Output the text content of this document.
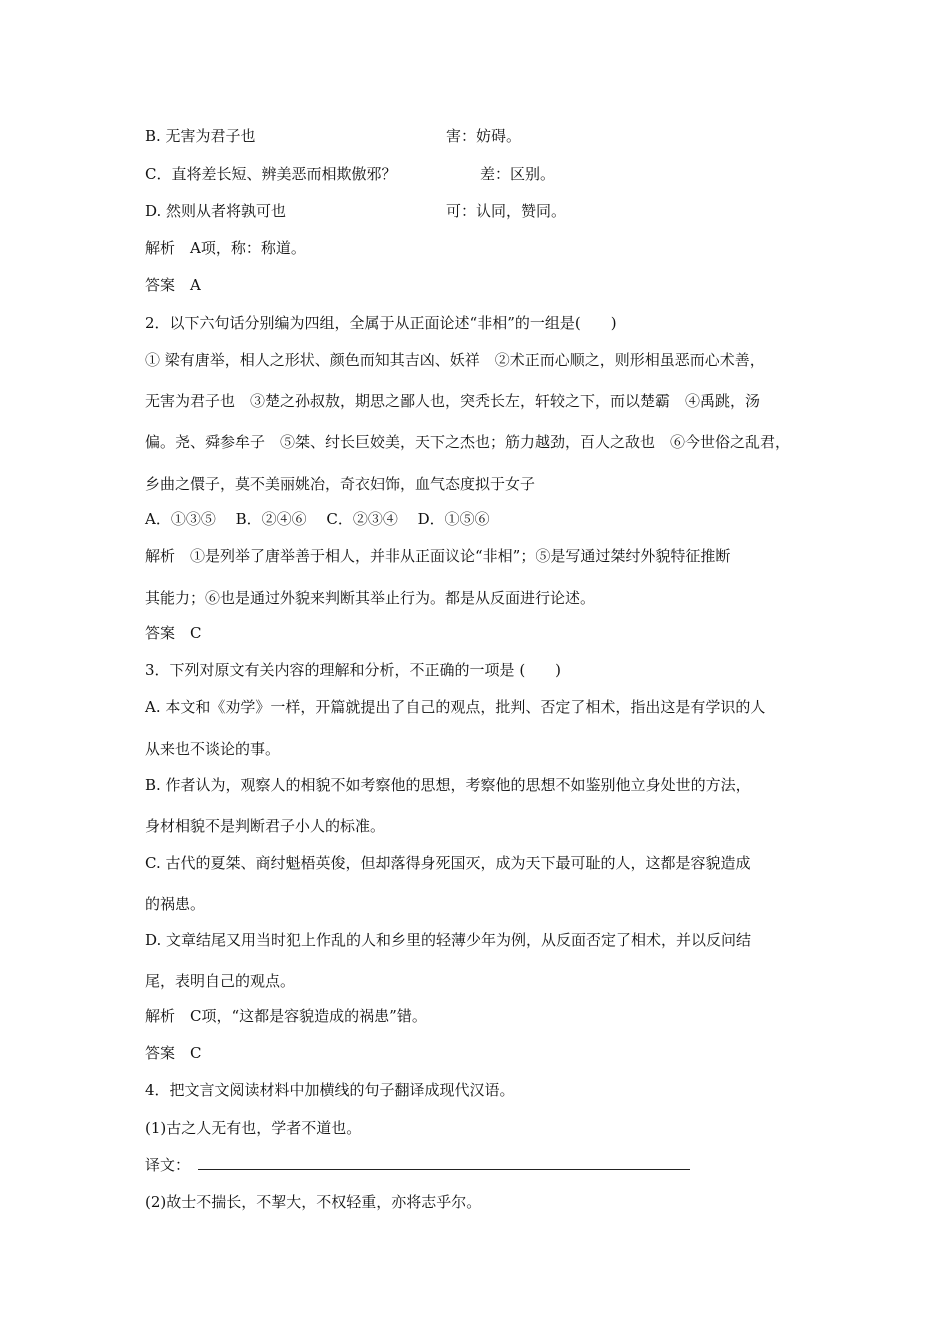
B. 无害为君子也	害：妨碍。
C．直将差长短、辨美恶而相欺傲邪？	差：区别。
D. 然则从者将孰可也	可：认同，赞同。
解析　A项，称：称道。
答案　A
2．以下六句话分别编为四组，全属于从正面论述“非相”的一组是(　　)
① 梁有唐举，相人之形状、颜色而知其吉凶、妖祥　②术正而心顺之，则形相虽恶而心术善，
无害为君子也　③楚之孙叔敖，期思之鄙人也，突秃长左，轩较之下，而以楚霸　④禹跳，汤
偏。尧、舜参牟子　⑤桀、纣长巨姣美，天下之杰也；筋力越劲，百人之敌也　⑥今世俗之乱君，
乡曲之儇子，莫不美丽姚冶，奇衣妇饰，血气态度拟于女子
A．①③⑤　 B．②④⑥　 C．②③④　 D．①⑤⑥
解析　①是列举了唐举善于相人，并非从正面议论“非相”；⑤是写通过桀纣外貌特征推断
其能力；⑥也是通过外貌来判断其举止行为。都是从反面进行论述。
答案　C
3．下列对原文有关内容的理解和分析，不正确的一项是 (　　)
A. 本文和《劝学》一样，开篇就提出了自己的观点，批判、否定了相术，指出这是有学识的人
从来也不谈论的事。
B. 作者认为，观察人的相貌不如考察他的思想，考察他的思想不如鉴别他立身处世的方法，
身材相貌不是判断君子小人的标准。
C. 古代的夏桀、商纣魁梧英俊，但却落得身死国灭，成为天下最可耻的人，这都是容貌造成
的祸患。
D. 文章结尾又用当时犯上作乱的人和乡里的轻薄少年为例，从反面否定了相术，并以反问结
尾，表明自己的观点。
解析　C项，“这都是容貌造成的祸患”错。
答案　C
4．把文言文阅读材料中加横线的句子翻译成现代汉语。
(1)古之人无有也，学者不道也。
译文：
(2)故士不揣长，不挈大，不权轻重，亦将志乎尔。
